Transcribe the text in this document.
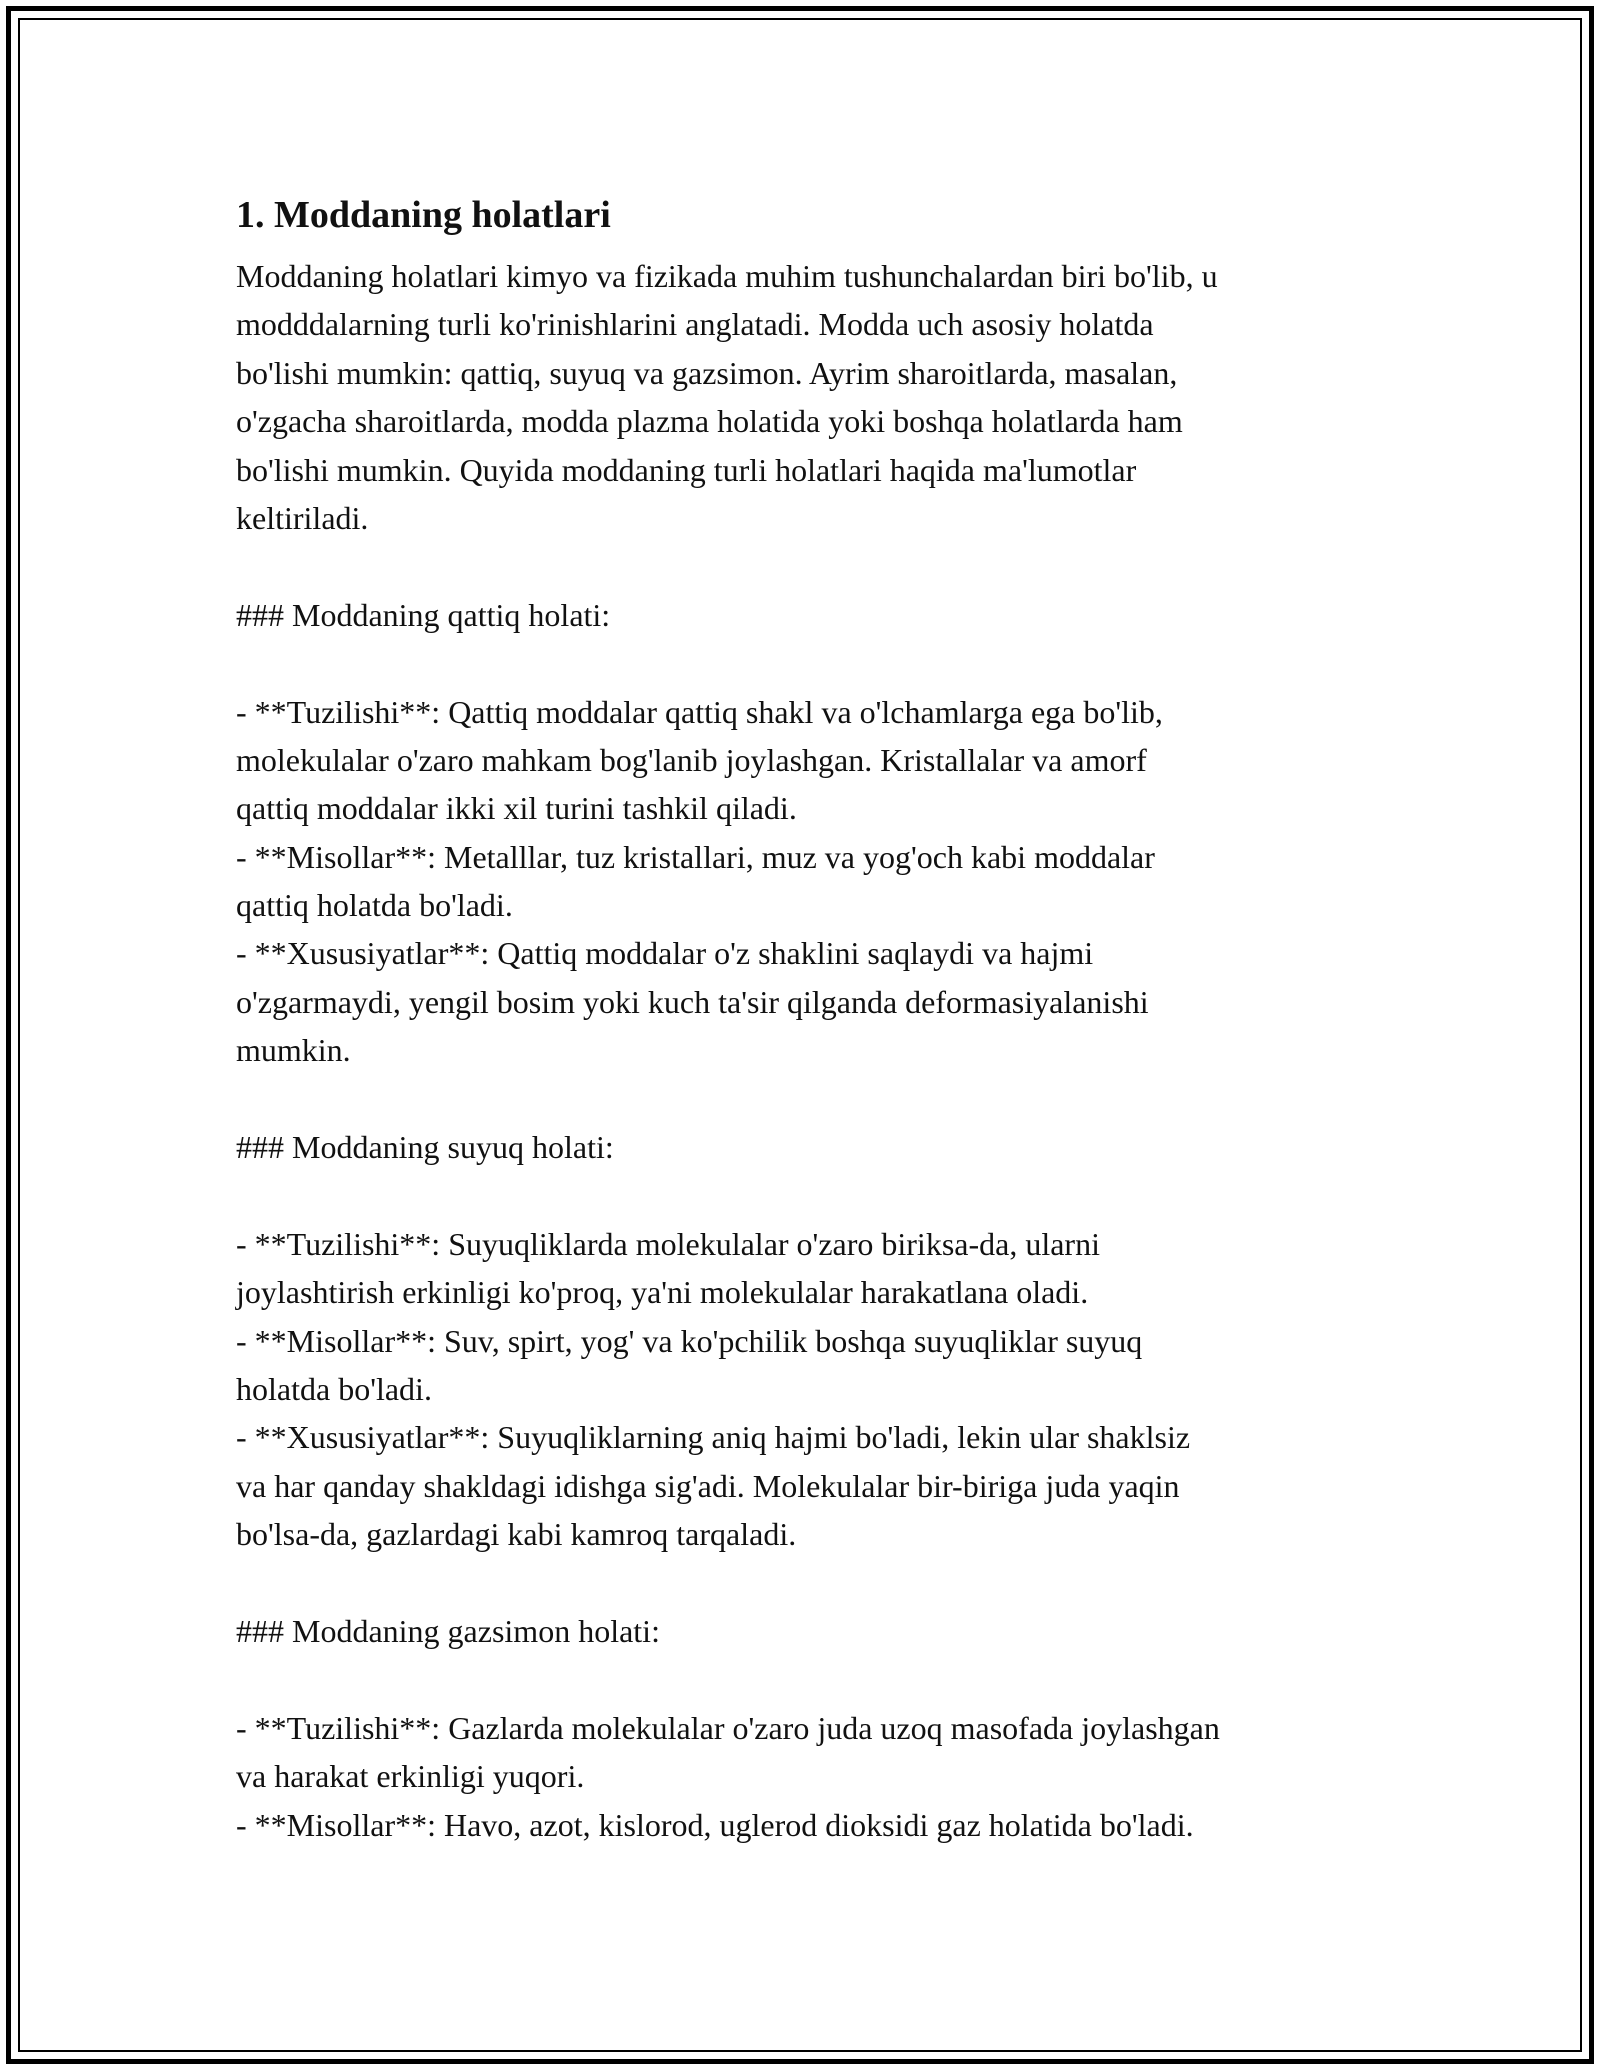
1. Moddaning holatlari
Moddaning holatlari kimyo va fizikada muhim tushunchalardan biri bo'lib, u
modddalarning turli ko'rinishlarini anglatadi. Modda uch asosiy holatda
bo'lishi mumkin: qattiq, suyuq va gazsimon. Ayrim sharoitlarda, masalan,
o'zgacha sharoitlarda, modda plazma holatida yoki boshqa holatlarda ham
bo'lishi mumkin. Quyida moddaning turli holatlari haqida ma'lumotlar
keltiriladi.
### Moddaning qattiq holati:
- **Tuzilishi**: Qattiq moddalar qattiq shakl va o'lchamlarga ega bo'lib,
molekulalar o'zaro mahkam bog'lanib joylashgan. Kristallalar va amorf
qattiq moddalar ikki xil turini tashkil qiladi.
- **Misollar**: Metalllar, tuz kristallari, muz va yog'och kabi moddalar
qattiq holatda bo'ladi.
- **Xususiyatlar**: Qattiq moddalar o'z shaklini saqlaydi va hajmi
o'zgarmaydi, yengil bosim yoki kuch ta'sir qilganda deformasiyalanishi
mumkin.
### Moddaning suyuq holati:
- **Tuzilishi**: Suyuqliklarda molekulalar o'zaro biriksa-da, ularni
joylashtirish erkinligi ko'proq, ya'ni molekulalar harakatlana oladi.
- **Misollar**: Suv, spirt, yog' va ko'pchilik boshqa suyuqliklar suyuq
holatda bo'ladi.
- **Xususiyatlar**: Suyuqliklarning aniq hajmi bo'ladi, lekin ular shaklsiz
va har qanday shakldagi idishga sig'adi. Molekulalar bir-biriga juda yaqin
bo'lsa-da, gazlardagi kabi kamroq tarqaladi.
### Moddaning gazsimon holati:
- **Tuzilishi**: Gazlarda molekulalar o'zaro juda uzoq masofada joylashgan
va harakat erkinligi yuqori.
- **Misollar**: Havo, azot, kislorod, uglerod dioksidi gaz holatida bo'ladi.
